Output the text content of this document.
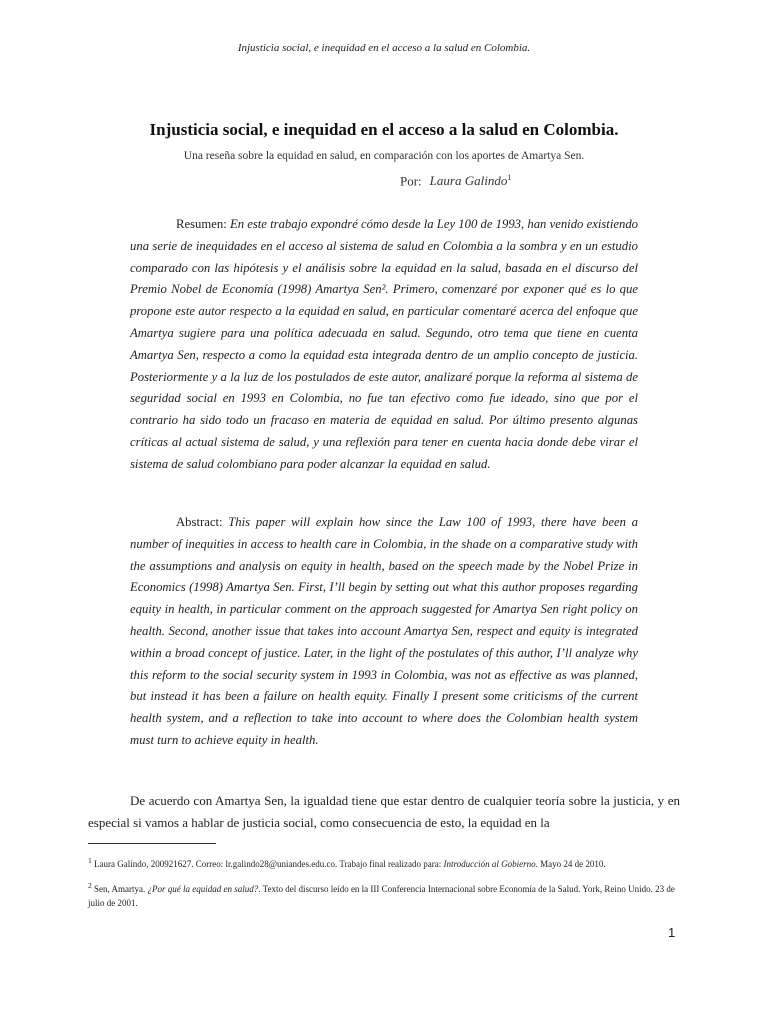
Injusticia social, e inequidad en el acceso a la salud en Colombia.
Injusticia social, e inequidad en el acceso a la salud en Colombia.
Una reseña sobre la equidad en salud, en comparación con los aportes de Amartya Sen.
Por: Laura Galindo$^1$
Resumen: En este trabajo expondré cómo desde la Ley 100 de 1993, han venido existiendo una serie de inequidades en el acceso al sistema de salud en Colombia a la sombra y en un estudio comparado con las hipótesis y el análisis sobre la equidad en la salud, basada en el discurso del Premio Nobel de Economía (1998) Amartya Sen². Primero, comenzaré por exponer qué es lo que propone este autor respecto a la equidad en salud, en particular comentaré acerca del enfoque que Amartya sugiere para una política adecuada en salud. Segundo, otro tema que tiene en cuenta Amartya Sen, respecto a como la equidad esta integrada dentro de un amplio concepto de justicia. Posteriormente y a la luz de los postulados de este autor, analizaré porque la reforma al sistema de seguridad social en 1993 en Colombia, no fue tan efectivo como fue ideado, sino que por el contrario ha sido todo un fracaso en materia de equidad en salud. Por último presento algunas críticas al actual sistema de salud, y una reflexión para tener en cuenta hacia donde debe virar el sistema de salud colombiano para poder alcanzar la equidad en salud.
Abstract: This paper will explain how since the Law 100 of 1993, there have been a number of inequities in access to health care in Colombia, in the shade on a comparative study with the assumptions and analysis on equity in health, based on the speech made by the Nobel Prize in Economics (1998) Amartya Sen. First, I’ll begin by setting out what this author proposes regarding equity in health, in particular comment on the approach suggested for Amartya Sen right policy on health. Second, another issue that takes into account Amartya Sen, respect and equity is integrated within a broad concept of justice. Later, in the light of the postulates of this author, I’ll analyze why this reform to the social security system in 1993 in Colombia, was not as effective as was planned, but instead it has been a failure on health equity. Finally I present some criticisms of the current health system, and a reflection to take into account to where does the Colombian health system must turn to achieve equity in health.
De acuerdo con Amartya Sen, la igualdad tiene que estar dentro de cualquier teoría sobre la justicia, y en especial si vamos a hablar de justicia social, como consecuencia de esto, la equidad en la
$^1$ Laura Galindo, 200921627. Correo: lr.galindo28@uniandes.edu.co. Trabajo final realizado para: Introducción al Gobierno. Mayo 24 de 2010.
$^2$ Sen, Amartya. ¿Por qué la equidad en salud?. Texto del discurso leído en la III Conferencia Internacional sobre Economía de la Salud. York, Reino Unido. 23 de julio de 2001.
1
